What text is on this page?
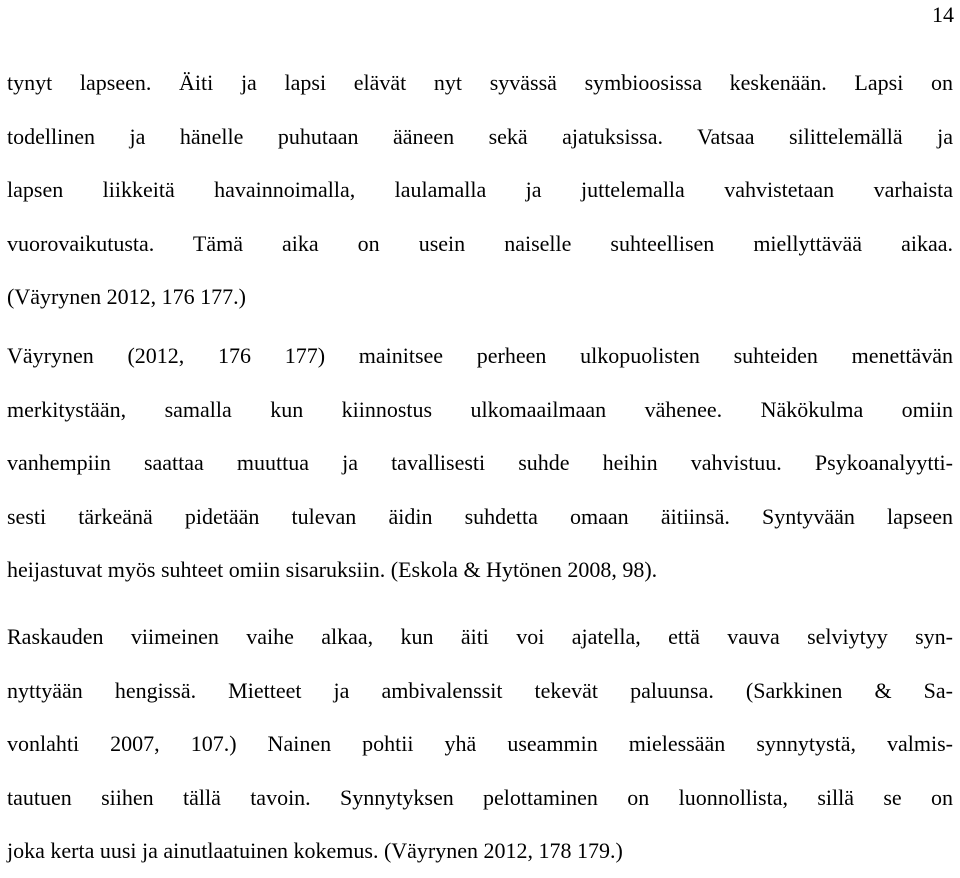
14
tynyt lapseen. Äiti ja lapsi elävät nyt syvässä symbioosissa keskenään. Lapsi on
todellinen ja hänelle puhutaan ääneen sekä ajatuksissa. Vatsaa silittelemällä ja
lapsen liikkeitä havainnoimalla, laulamalla ja juttelemalla vahvistetaan varhaista
vuorovaikutusta. Tämä aika on usein naiselle suhteellisen miellyttävää aikaa.
(Väyrynen 2012, 176 177.)
Väyrynen (2012, 176 177) mainitsee perheen ulkopuolisten suhteiden menettävän
merkitystään, samalla kun kiinnostus ulkomaailmaan vähenee. Näkökulma omiin
vanhempiin saattaa muuttua ja tavallisesti suhde heihin vahvistuu. Psykoanalyytti-
sesti tärkeänä pidetään tulevan äidin suhdetta omaan äitiinsä. Syntyvään lapseen
heijastuvat myös suhteet omiin sisaruksiin. (Eskola & Hytönen 2008, 98).
Raskauden viimeinen vaihe alkaa, kun äiti voi ajatella, että vauva selviytyy syn-
nyttyään hengissä. Mietteet ja ambivalenssit tekevät paluunsa. (Sarkkinen & Sa-
vonlahti 2007, 107.) Nainen pohtii yhä useammin mielessään synnytystä, valmis-
tautuen siihen tällä tavoin. Synnytyksen pelottaminen on luonnollista, sillä se on
joka kerta uusi ja ainutlaatuinen kokemus. (Väyrynen 2012, 178 179.)
